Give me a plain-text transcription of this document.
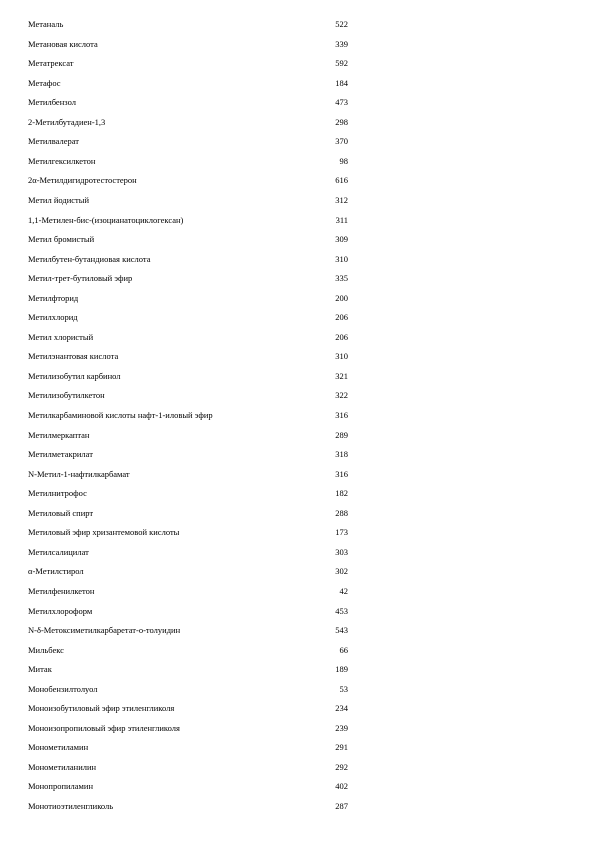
Метаналь	522
Метановая кислота	339
Метатрексат	592
Метафос	184
Метилбензол	473
2-Метилбутадиен-1,3	298
Метилвалерат	370
Метилгексилкетон	98
2α-Метилдигидротестостерон	616
Метил йодистый	312
1,1-Метилен-бис-(изоцианатоциклогексан)	311
Метил бромистый	309
Метилбутен-бутандиовая кислота	310
Метил-трет-бутиловый эфир	335
Метилфторид	200
Метилхлорид	206
Метил хлористый	206
Метилэнантовая кислота	310
Метилизобутил карбинол	321
Метилизобутилкетон	322
Метилкарбаминовой кислоты нафт-1-иловый эфир	316
Метилмеркаптан	289
Метилметакрилат	318
N-Метил-1-нафтилкарбамат	316
Метилнитрофос	182
Метиловый спирт	288
Метиловый эфир хризантемовой кислоты	173
Метилсалицилат	303
α-Метилстирол	302
Метилфенилкетон	42
Метилхлороформ	453
N-δ-Метоксиметилкарбаретат-о-толуидин	543
Мильбекс	66
Митак	189
Монобензилтолуол	53
Моноизобутиловый эфир этиленгликоля	234
Моноизопропиловый эфир этиленгликоля	239
Монометиламин	291
Монометиланилин	292
Монопропиламин	402
Монотиоэтиленгликоль	287
